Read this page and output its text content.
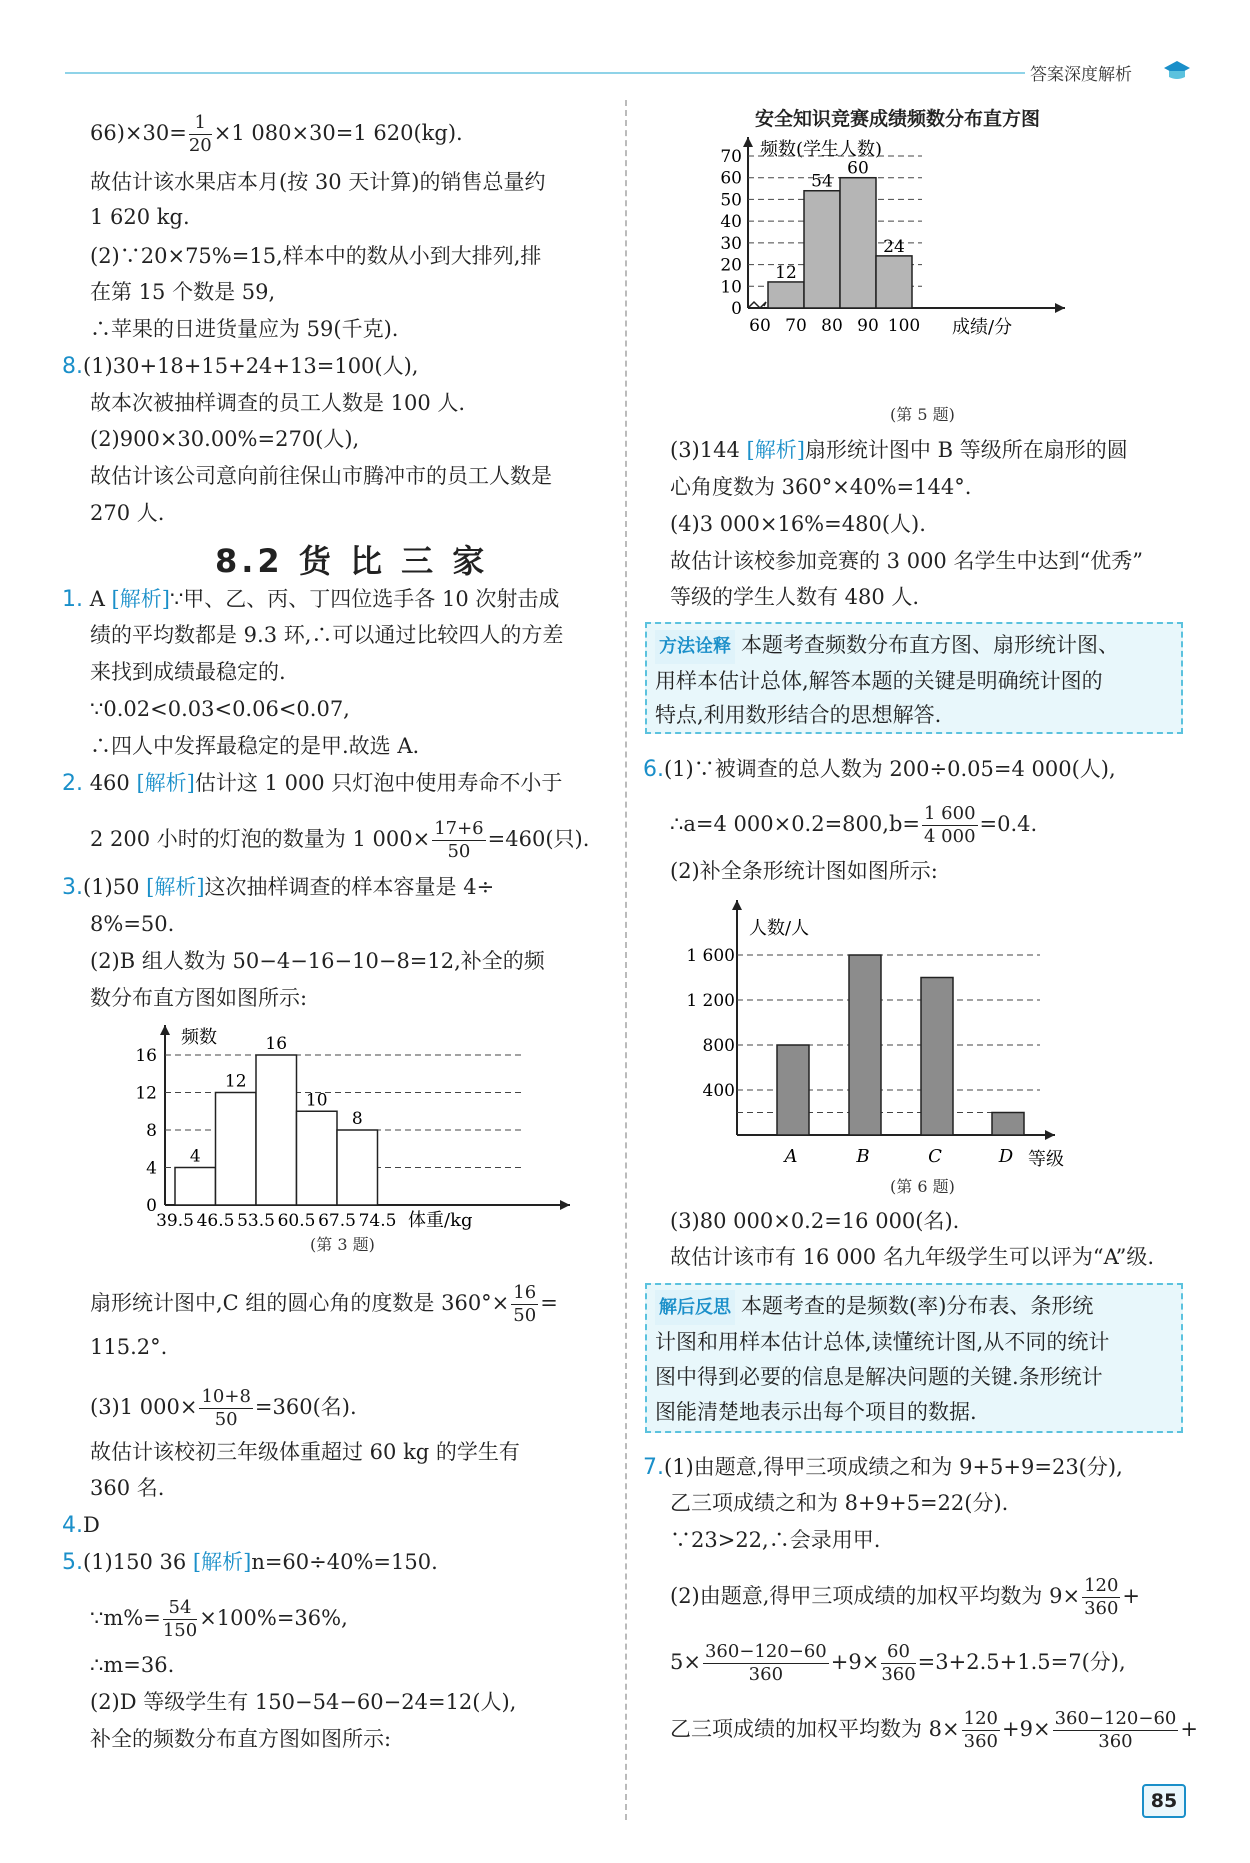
答案深度解析
$66)\times 30= \frac{1}{20} \times 1$ 080×30=1 620(kg).
故估计该水果店本月(按 30 天计算)的销售总量约
1 620 kg.
(2)∵20×75%=15,样本中的数从小到大排列,排
在第 15 个数是 59,
∴苹果的日进货量应为 59(千克).
8.(1)30+18+15+24+13=100(人),
故本次被抽样调查的员工人数是 100 人.
(2)900×30.00%=270(人),
故估计该公司意向前往保山市腾冲市的员工人数是
270 人.
8.2 货 比 三 家
1. A [解析]∵甲、乙、丙、丁四位选手各 10 次射击成
绩的平均数都是 9.3 环,∴可以通过比较四人的方差
来找到成绩最稳定的.
∵0.02<0.03<0.06<0.07,
∴四人中发挥最稳定的是甲.故选 A.
2. 460 [解析]估计这 1 000 只灯泡中使用寿命不小于
2 200 小时的灯泡的数量为 1 $000\times \frac{17+6}{50} =460$(只).
3.(1)50 [解析]这次抽样调查的样本容量是 4÷
8%=50.
(2)B 组人数为 50−4−16−10−8=12,补全的频
数分布直方图如图所示:
频数
0
4
8
12
16
4
12
16
10
8
39.5 46.5 53.5 60.5 67.5 74.5 体重/kg
(第 3 题)
扇形统计图中,C 组的圆心角的度数是 $360^\circ\times \frac{16}{50}$ =
115.2°.
(3)1 $000\times \frac{10+8}{50} =360$(名).
故估计该校初三年级体重超过 60 kg 的学生有
360 名.
4.D
5.(1)150 36 [解析]n=60÷40%=150.
∵m%= $\frac{54}{150} \times 100\%=36\%$,
∴m=36.
(2)D 等级学生有 150−54−60−24=12(人),
补全的频数分布直方图如图所示:
安全知识竞赛成绩频数分布直方图
频数(学生人数)
0
10
20
30
40
50
60
70
12
54
60
24
60 70 80 90 100 成绩/分
(第 5 题)
(3)144 [解析]扇形统计图中 B 等级所在扇形的圆
心角度数为 360°×40%=144°.
(4)3 000×16%=480(人).
故估计该校参加竞赛的 3 000 名学生中达到“优秀”
等级的学生人数有 480 人.
方法诠释 本题考查频数分布直方图、扇形统计图、
用样本估计总体,解答本题的关键是明确统计图的
特点,利用数形结合的思想解答.
6.(1)∵被调查的总人数为 200÷0.05=4 000(人),
∴a=4 $000\times 0.2=800,b= \frac{1 600}{4 000} =0.4$.
(2)补全条形统计图如图所示:
人数/人
400
800
1 200
1 600
A	B	C	D 等级
(第 6 题)
(3)80 000×0.2=16 000(名).
故估计该市有 16 000 名九年级学生可以评为“A”级.
解后反思 本题考查的是频数(率)分布表、条形统
计图和用样本估计总体,读懂统计图,从不同的统计
图中得到必要的信息是解决问题的关键.条形统计
图能清楚地表示出每个项目的数据.
7.(1)由题意,得甲三项成绩之和为 9+5+9=23(分),
乙三项成绩之和为 8+9+5=22(分).
∵23>22,∴会录用甲.
(2)由题意,得甲三项成绩的加权平均数为 $9\times \frac{120}{360}$ +
$5\times \frac{360-120-60}{360} +9\times \frac{60}{360} =3+2.5+1.5=7$(分),
乙三项成绩的加权平均数为 $8\times \frac{120}{360} +9\times \frac{360-120-60}{360}$ +
85
